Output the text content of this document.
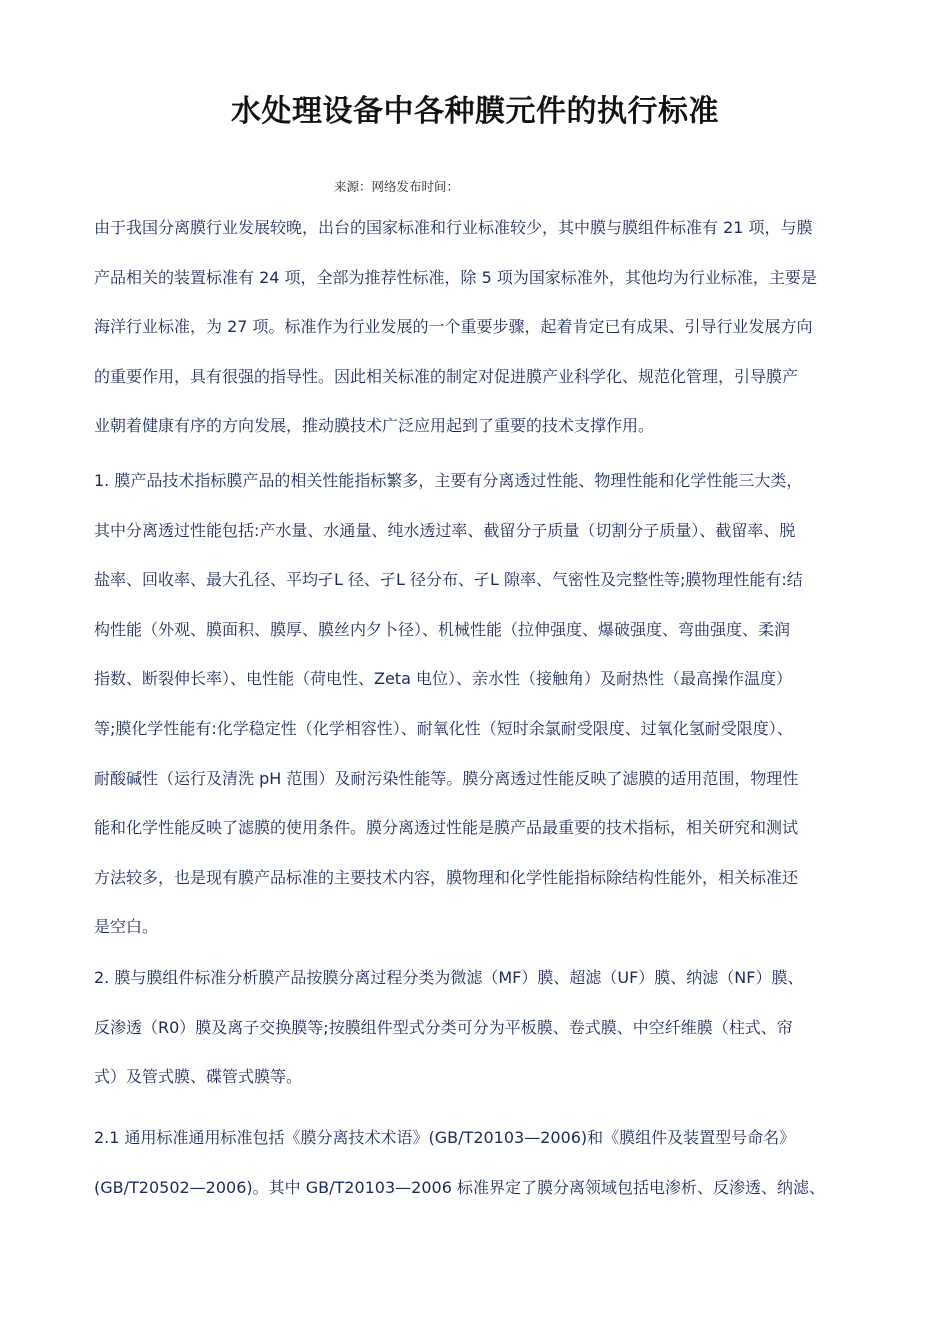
水处理设备中各种膜元件的执行标准

来源：网络发布时间：

由于我国分离膜行业发展较晚，出台的国家标准和行业标准较少，其中膜与膜组件标准有 21 项，与膜
产品相关的装置标准有 24 项，全部为推荐性标准，除 5 项为国家标准外，其他均为行业标准，主要是
海洋行业标准，为 27 项。标准作为行业发展的一个重要步骤，起着肯定已有成果、引导行业发展方向
的重要作用，具有很强的指导性。因此相关标准的制定对促进膜产业科学化、规范化管理，引导膜产
业朝着健康有序的方向发展，推动膜技术广泛应用起到了重要的技术支撑作用。
1. 膜产品技术指标膜产品的相关性能指标繁多，主要有分离透过性能、物理性能和化学性能三大类，
其中分离透过性能包括:产水量、水通量、纯水透过率、截留分子质量（切割分子质量）、截留率、脱
盐率、回收率、最大孔径、平均孑L 径、孑L 径分布、孑L 隙率、气密性及完整性等;膜物理性能有:结
构性能（外观、膜面积、膜厚、膜丝内夕卜径）、机械性能（拉伸强度、爆破强度、弯曲强度、柔润
指数、断裂伸长率）、电性能（荷电性、Zeta 电位）、亲水性（接触角）及耐热性（最高操作温度）
等;膜化学性能有:化学稳定性（化学相容性）、耐氧化性（短时余氯耐受限度、过氧化氢耐受限度）、
耐酸碱性（运行及清洗 pH 范围）及耐污染性能等。膜分离透过性能反映了滤膜的适用范围，物理性
能和化学性能反映了滤膜的使用条件。膜分离透过性能是膜产品最重要的技术指标，相关研究和测试
方法较多，也是现有膜产品标准的主要技术内容，膜物理和化学性能指标除结构性能外，相关标准还
是空白。
2. 膜与膜组件标准分析膜产品按膜分离过程分类为微滤（MF）膜、超滤（UF）膜、纳滤（NF）膜、
反渗透（R0）膜及离子交换膜等;按膜组件型式分类可分为平板膜、卷式膜、中空纤维膜（柱式、帘
式）及管式膜、碟管式膜等。
2.1 通用标准通用标准包括《膜分离技术术语》(GB/T20103—2006)和《膜组件及装置型号命名》
(GB/T20502—2006)。其中 GB/T20103—2006 标准界定了膜分离领域包括电渗析、反渗透、纳滤、
